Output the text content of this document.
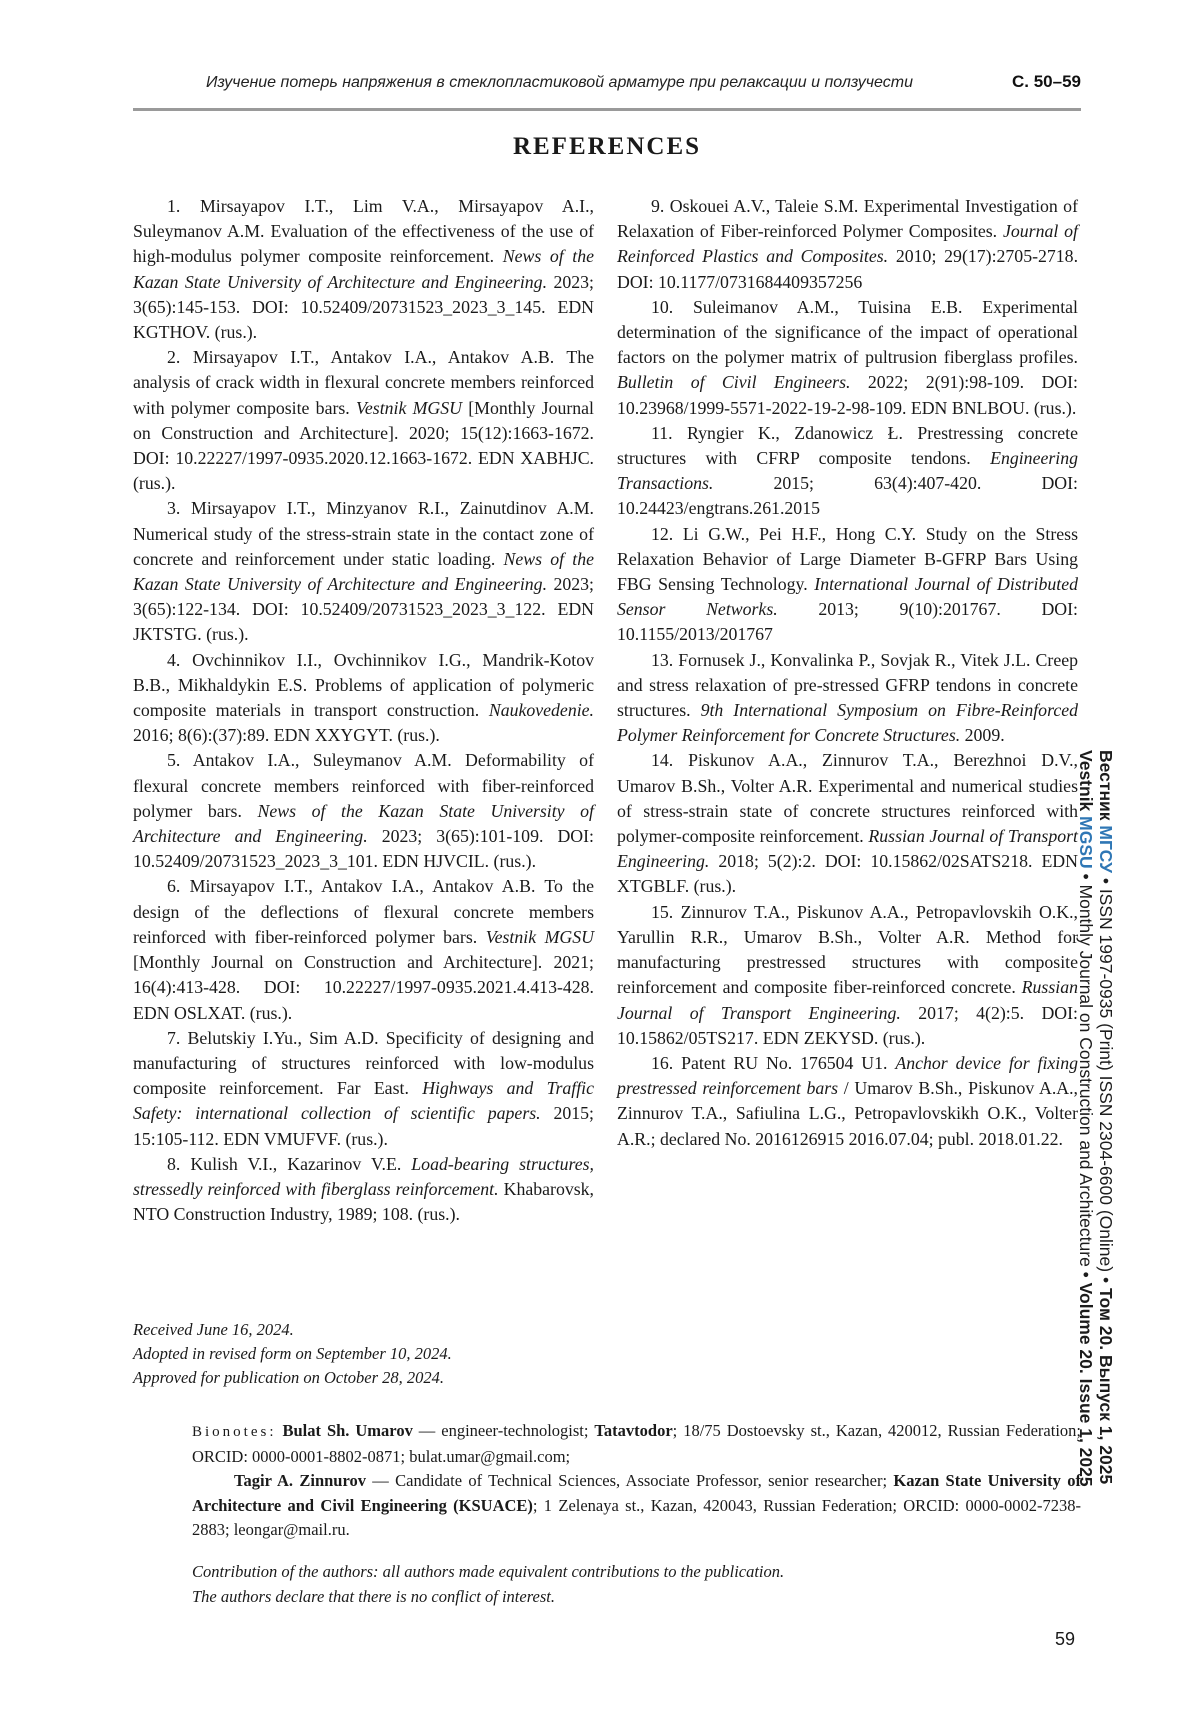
Изучение потерь напряжения в стеклопластиковой арматуре при релаксации и ползучести	С. 50–59
REFERENCES

1. Mirsayapov I.T., Lim V.A., Mirsayapov A.I., Suleymanov A.M. Evaluation of the effectiveness of the use of high-modulus polymer composite reinforcement. News of the Kazan State University of Architecture and Engineering. 2023; 3(65):145-153. DOI: 10.52409/20731523_2023_3_145. EDN KGTHOV. (rus.).

2. Mirsayapov I.T., Antakov I.A., Antakov A.B. The analysis of crack width in flexural concrete members reinforced with polymer composite bars. Vestnik MGSU [Monthly Journal on Construction and Architecture]. 2020; 15(12):1663-1672. DOI: 10.22227/1997-0935.2020.12.1663-1672. EDN XABHJC. (rus.).

3. Mirsayapov I.T., Minzyanov R.I., Zainutdinov A.M. Numerical study of the stress-strain state in the contact zone of concrete and reinforcement under static loading. News of the Kazan State University of Architecture and Engineering. 2023; 3(65):122-134. DOI: 10.52409/20731523_2023_3_122. EDN JKTSTG. (rus.).

4. Ovchinnikov I.I., Ovchinnikov I.G., Mandrik-Kotov B.B., Mikhaldykin E.S. Problems of application of polymeric composite materials in transport construction. Naukovedenie. 2016; 8(6):(37):89. EDN XXYGYT. (rus.).

5. Antakov I.A., Suleymanov A.M. Deformability of flexural concrete members reinforced with fiber-reinforced polymer bars. News of the Kazan State University of Architecture and Engineering. 2023; 3(65):101-109. DOI: 10.52409/20731523_2023_3_101. EDN HJVCIL. (rus.).

6. Mirsayapov I.T., Antakov I.A., Antakov A.B. To the design of the deflections of flexural concrete members reinforced with fiber-reinforced polymer bars. Vestnik MGSU [Monthly Journal on Construction and Architecture]. 2021; 16(4):413-428. DOI: 10.22227/1997-0935.2021.4.413-428. EDN OSLXAT. (rus.).

7. Belutskiy I.Yu., Sim A.D. Specificity of designing and manufacturing of structures reinforced with low-modulus composite reinforcement. Far East. Highways and Traffic Safety: international collection of scientific papers. 2015; 15:105-112. EDN VMUFVF. (rus.).

8. Kulish V.I., Kazarinov V.E. Load-bearing structures, stressedly reinforced with fiberglass reinforcement. Khabarovsk, NTO Construction Industry, 1989; 108. (rus.).

9. Oskouei A.V., Taleie S.M. Experimental Investigation of Relaxation of Fiber-reinforced Polymer Composites. Journal of Reinforced Plastics and Composites. 2010; 29(17):2705-2718. DOI: 10.1177/0731684409357256

10. Suleimanov A.M., Tuisina E.B. Experimental determination of the significance of the impact of operational factors on the polymer matrix of pultrusion fiberglass profiles. Bulletin of Civil Engineers. 2022; 2(91):98-109. DOI: 10.23968/1999-5571-2022-19-2-98-109. EDN BNLBOU. (rus.).

11. Ryngier K., Zdanowicz Ł. Prestressing concrete structures with CFRP composite tendons. Engineering Transactions. 2015; 63(4):407-420. DOI: 10.24423/engtrans.261.2015

12. Li G.W., Pei H.F., Hong C.Y. Study on the Stress Relaxation Behavior of Large Diameter B-GFRP Bars Using FBG Sensing Technology. International Journal of Distributed Sensor Networks. 2013; 9(10):201767. DOI: 10.1155/2013/201767

13. Fornusek J., Konvalinka P., Sovjak R., Vitek J.L. Creep and stress relaxation of pre-stressed GFRP tendons in concrete structures. 9th International Symposium on Fibre-Reinforced Polymer Reinforcement for Concrete Structures. 2009.

14. Piskunov A.A., Zinnurov T.A., Berezhnoi D.V., Umarov B.Sh., Volter A.R. Experimental and numerical studies of stress-strain state of concrete structures reinforced with polymer-composite reinforcement. Russian Journal of Transport Engineering. 2018; 5(2):2. DOI: 10.15862/02SATS218. EDN XTGBLF. (rus.).

15. Zinnurov T.A., Piskunov A.A., Petropavlovskih O.K., Yarullin R.R., Umarov B.Sh., Volter A.R. Method for manufacturing prestressed structures with composite reinforcement and composite fiber-reinforced concrete. Russian Journal of Transport Engineering. 2017; 4(2):5. DOI: 10.15862/05TS217. EDN ZEKYSD. (rus.).

16. Patent RU No. 176504 U1. Anchor device for fixing prestressed reinforcement bars / Umarov B.Sh., Piskunov A.A., Zinnurov T.A., Safiulina L.G., Petropavlovskikh O.K., Volter A.R.; declared No. 2016126915 2016.07.04; publ. 2018.01.22.

Received June 16, 2024.
Adopted in revised form on September 10, 2024.
Approved for publication on October 28, 2024.

Bionotes: Bulat Sh. Umarov — engineer-technologist; Tatavtodor; 18/75 Dostoevsky st., Kazan, 420012, Russian Federation; ORCID: 0000-0001-8802-0871; bulat.umar@gmail.com;

Tagir A. Zinnurov — Candidate of Technical Sciences, Associate Professor, senior researcher; Kazan State University of Architecture and Civil Engineering (KSUACE); 1 Zelenaya st., Kazan, 420043, Russian Federation; ORCID: 0000-0002-7238-2883; leongar@mail.ru.

Contribution of the authors: all authors made equivalent contributions to the publication.
The authors declare that there is no conflict of interest.
Вестник МГСУ • ISSN 1997-0935 (Print) ISSN 2304-6600 (Online) • Том 20. Выпуск 1, 2025
Vestnik MGSU • Monthly Journal on Construction and Architecture • Volume 20. Issue 1, 2025
59
